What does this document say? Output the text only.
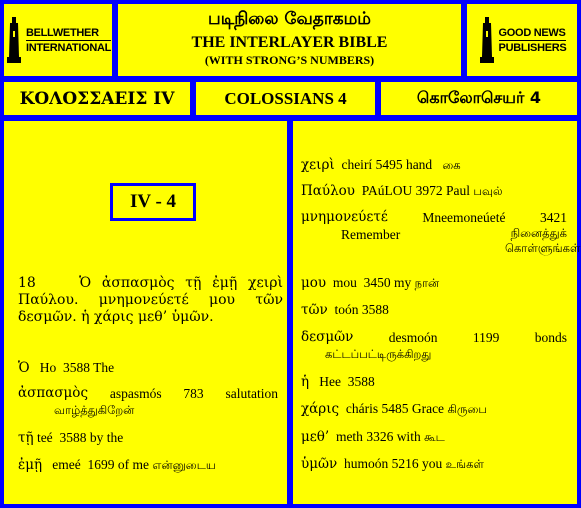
BELLWETHER
INTERNATIONAL
படிநிலை வேதாகமம்
THE INTERLAYER BIBLE
(WITH STRONG’S NUMBERS)
GOOD NEWS
PUBLISHERS
ΚΟΛΟΣΣΑΕΙΣ IV	COLOSSIANS 4	கொலோசெயர் 4
IV - 4
18	Ὁ ἀσπασμὸς τῇ ἐμῇ χειρὶ Παύλου. μνημονεύετέ μου τῶν δεσμῶν. ἡ χάρις μεθ’ ὑμῶν.
Ὁ Ho 3588 The
ἀσπασμὸς aspasmós 783 salutation
வாழ்த்துகிறேன்
τῇ teé 3588 by the
ἐμῇ emeé 1699 of me என்னுடைய
χειρὶ cheirí 5495 hand கை
Παύλου PAúLOU 3972 Paul பவுல்
μνημονεύετέ	Mneemoneúeté	3421
Remember	நினைத்துக் கொள்ளுங்கள்
μου mou 3450 my நான்
τῶν toón 3588
δεσμῶν	desmoón	1199	bonds
கட்டப்பட்டிருக்கிறது
ἡ Hee 3588
χάρις cháris 5485 Grace கிருபை
μεθ’ meth 3326 with கூட
ὑμῶν humoón 5216 you உங்கள்
